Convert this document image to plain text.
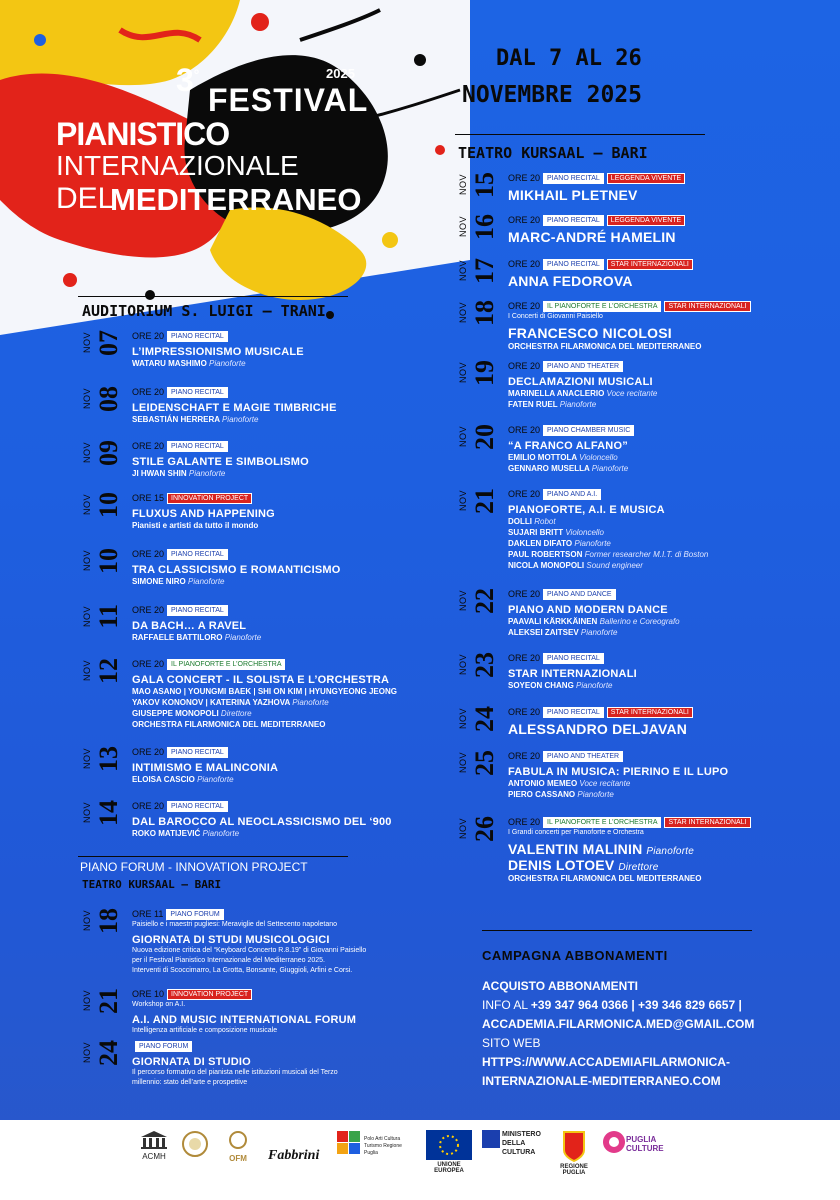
3°	2025
FESTIVAL
PIANISTICO
INTERNAZIONALE
DEL
MEDITERRANEO
DAL 7 AL 26
NOVEMBRE 2025
TEATRO KURSAAL – BARI
AUDITORIUM S. LUIGI – TRANI
NOV 07 ORE 20 PIANO RECITAL
L’IMPRESSIONISMO MUSICALE
WATARU MASHIMO Pianoforte
NOV 08 ORE 20 PIANO RECITAL
LEIDENSCHAFT E MAGIE TIMBRICHE
SEBASTIÁN HERRERA Pianoforte
NOV 09 ORE 20 PIANO RECITAL
STILE GALANTE E SIMBOLISMO
JI HWAN SHIN Pianoforte
NOV 10 ORE 15 INNOVATION PROJECT
FLUXUS AND HAPPENING
Pianisti e artisti da tutto il mondo
NOV 10 ORE 20 PIANO RECITAL
TRA CLASSICISMO E ROMANTICISMO
SIMONE NIRO Pianoforte
NOV 11 ORE 20 PIANO RECITAL
DA BACH… A RAVEL
RAFFAELE BATTILORO Pianoforte
NOV 12 ORE 20 IL PIANOFORTE E L’ORCHESTRA
GALA CONCERT - IL SOLISTA E L’ORCHESTRA
MAO ASANO | YOUNGMI BAEK | SHI ON KIM | HYUNGYEONG JEONG
YAKOV KONONOV | KATERINA YAZHOVA Pianoforte
GIUSEPPE MONOPOLI Direttore
ORCHESTRA FILARMONICA DEL MEDITERRANEO
NOV 13 ORE 20 PIANO RECITAL
INTIMISMO E MALINCONIA
ELOISA CASCIO Pianoforte
NOV 14 ORE 20 PIANO RECITAL
DAL BAROCCO AL NEOCLASSICISMO DEL ‘900
ROKO MATIJEVIĆ Pianoforte
NOV 15 ORE 20 PIANO RECITAL LEGGENDA VIVENTE
MIKHAIL PLETNEV
NOV 16 ORE 20 PIANO RECITAL LEGGENDA VIVENTE
MARC-ANDRÉ HAMELIN
NOV 17 ORE 20 PIANO RECITAL STAR INTERNAZIONALI
ANNA FEDOROVA
NOV 18 ORE 20 IL PIANOFORTE E L’ORCHESTRA STAR INTERNAZIONALI
I Concerti di Giovanni Paisiello
FRANCESCO NICOLOSI
ORCHESTRA FILARMONICA DEL MEDITERRANEO
NOV 19 ORE 20 PIANO AND THEATER
DECLAMAZIONI MUSICALI
MARINELLA ANACLERIO Voce recitante
FATEN RUEL Pianoforte
NOV 20 ORE 20 PIANO CHAMBER MUSIC
“A FRANCO ALFANO”
EMILIO MOTTOLA Violoncello
GENNARO MUSELLA Pianoforte
NOV 21 ORE 20 PIANO AND A.I.
PIANOFORTE, A.I. E MUSICA
DOLLI Robot
SUJARI BRITT Violoncello
DAKLEN DIFATO Pianoforte
PAUL ROBERTSON Former researcher M.I.T. di Boston
NICOLA MONOPOLI Sound engineer
NOV 22 ORE 20 PIANO AND DANCE
PIANO AND MODERN DANCE
PAAVALI KÄRKKÄINEN Ballerino e Coreografo
ALEKSEI ZAITSEV Pianoforte
NOV 23 ORE 20 PIANO RECITAL
STAR INTERNAZIONALI
SOYEON CHANG Pianoforte
NOV 24 ORE 20 PIANO RECITAL STAR INTERNAZIONALI
ALESSANDRO DELJAVAN
NOV 25 ORE 20 PIANO AND THEATER
FABULA IN MUSICA: PIERINO E IL LUPO
ANTONIO MEMEO Voce recitante
PIERO CASSANO Pianoforte
NOV 26 ORE 20 IL PIANOFORTE E L’ORCHESTRA STAR INTERNAZIONALI
I Grandi concerti per Pianoforte e Orchestra
VALENTIN MALININ Pianoforte
DENIS LOTOEV Direttore
ORCHESTRA FILARMONICA DEL MEDITERRANEO
PIANO FORUM - INNOVATION PROJECT
TEATRO KURSAAL – BARI
NOV 18 ORE 11 PIANO FORUM
Paisiello e i maestri pugliesi: Meraviglie del Settecento napoletano
GIORNATA DI STUDI MUSICOLOGICI
Nuova edizione critica del “Keyboard Concerto R.8.19” di Giovanni Paisiello
per il Festival Pianistico Internazionale del Mediterraneo 2025.
Interventi di Scoccimarro, La Grotta, Bonsante, Giuggioli, Arfini e Corsi.
NOV 21 ORE 10 INNOVATION PROJECT
Workshop on A.I.
A.I. AND MUSIC INTERNATIONAL FORUM
Intelligenza artificiale e composizione musicale
NOV 24	PIANO FORUM
GIORNATA DI STUDIO
Il percorso formativo del pianista nelle istituzioni musicali del Terzo
millennio: stato dell’arte e prospettive
CAMPAGNA ABBONAMENTI
ACQUISTO ABBONAMENTI
INFO AL +39 347 964 0366 | +39 346 829 6657 |
ACCADEMIA.FILARMONICA.MED@GMAIL.COM
SITO WEB
HTTPS://WWW.ACCADEMIAFILARMONICA-
INTERNAZIONALE-MEDITERRANEO.COM
ACMH	OFM Fabbrini
Polo Arti Cultura Turismo Regione Puglia
UNIONE EUROPEA
MINISTERO DELLA CULTURA
REGIONE PUGLIA
PUGLIA CULTURE
